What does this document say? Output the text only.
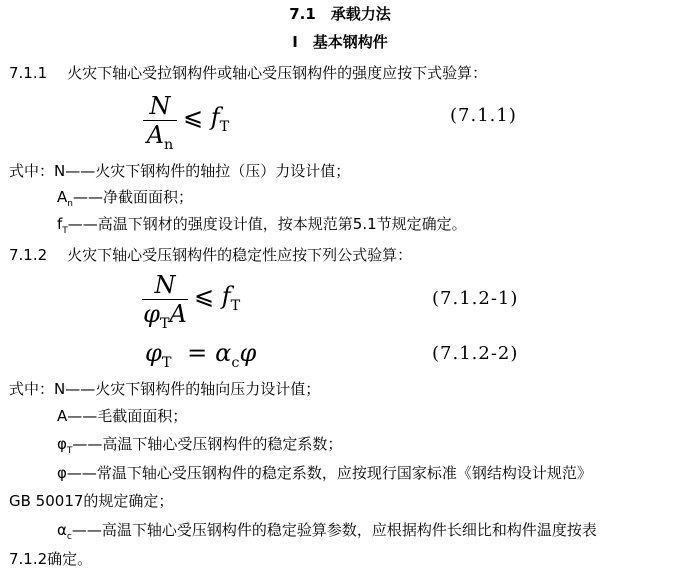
7.1　承载力法
Ⅰ　基本钢构件
7.1.1 火灾下轴心受拉钢构件或轴心受压钢构件的强度应按下式验算：
N
$A_n$
⩽ $f_T$
(7.1.1)
式中：N——火灾下钢构件的轴拉（压）力设计值；
$A_n——$净截面面积；
$f_T——$高温下钢材的强度设计值，按本规范第5.1节规定确定。
7.1.2 火灾下轴心受压钢构件的稳定性应按下列公式验算：
N
$\varphi_TA$
⩽ $f_T$	(7.1.2-1)
$\varphi_T = \alpha_c\varphi$	(7.1.2-2)
式中：N——火灾下钢构件的轴向压力设计值；
A——毛截面面积；
$\varphi_T——$高温下轴心受压钢构件的稳定系数；
φ——常温下轴心受压钢构件的稳定系数，应按现行国家标准《钢结构设计规范》
GB 50017的规定确定；
$\alpha_c——$高温下轴心受压钢构件的稳定验算参数，应根据构件长细比和构件温度按表
7.1.2确定。
